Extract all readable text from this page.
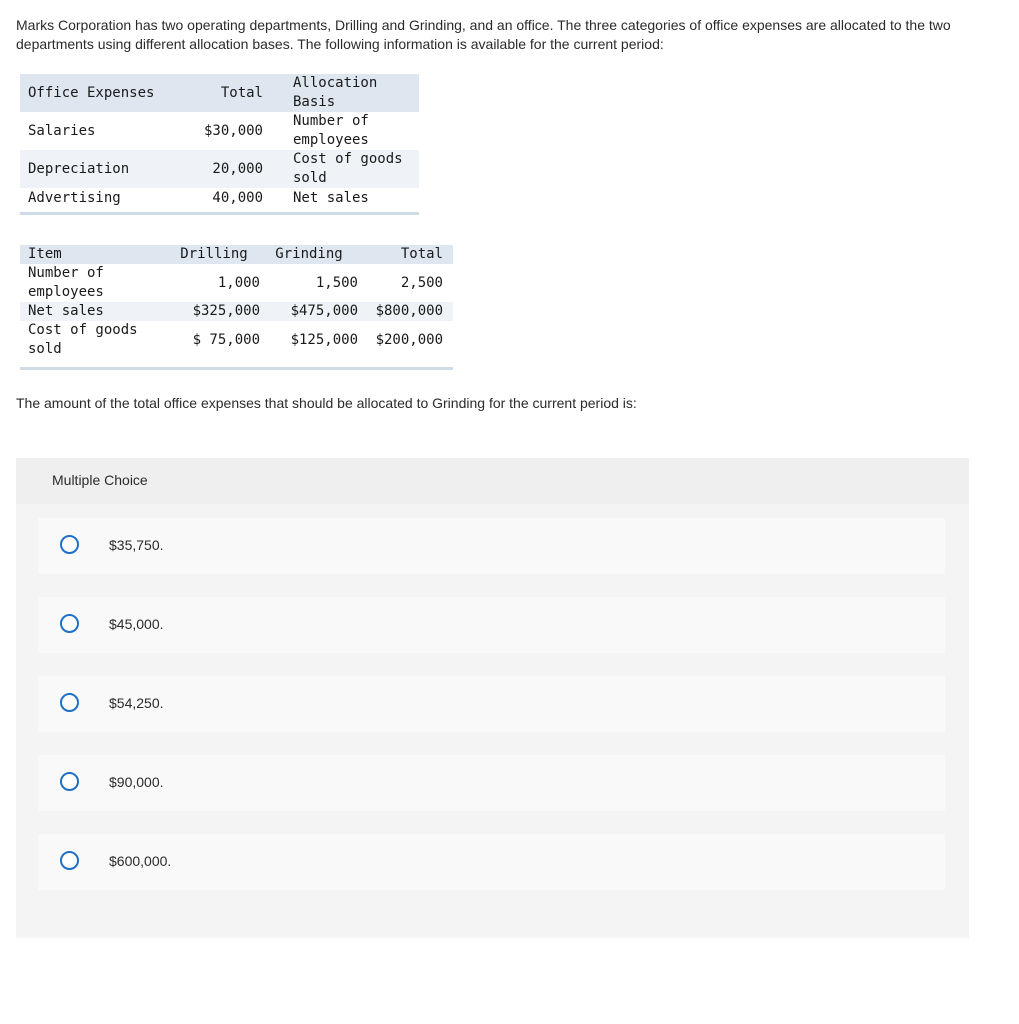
Marks Corporation has two operating departments, Drilling and Grinding, and an office. The three categories of office expenses are allocated to the two departments using different allocation bases. The following information is available for the current period:
Office Expenses	Total	Allocation Basis
Salaries	$30,000	Number of employees
Depreciation	20,000	Cost of goods sold
Advertising	40,000	Net sales
Item	Drilling	Grinding	Total
Number of employees	1,000	1,500	2,500
Net sales	$325,000	$475,000	$800,000
Cost of goods sold	$ 75,000	$125,000	$200,000
The amount of the total office expenses that should be allocated to Grinding for the current period is:
Multiple Choice
$35,750.
$45,000.
$54,250.
$90,000.
$600,000.
